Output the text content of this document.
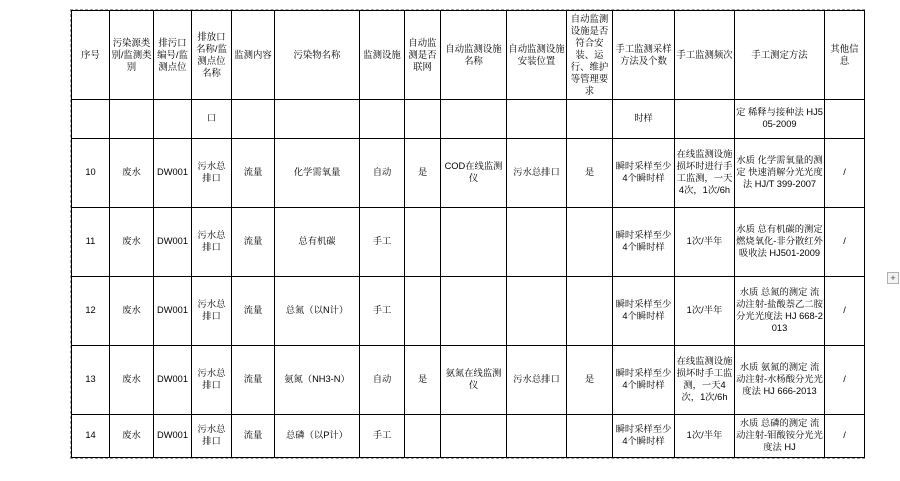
序号	污染源类别/监测类别	排污口编号/监测点位	排放口名称/监测点位名称	监测内容	污染物名称	监测设施	自动监测是否联网	自动监测设施名称	自动监测设施安装位置	自动监测设施是否符合安装、运行、维护等管理要求	手工监测采样方法及个数	手工监测频次	手工测定方法	其他信息
			口								时样		定 稀释与接种法 HJ505-2009	
10	废水	DW001	污水总排口	流量	化学需氧量	自动	是	COD在线监测仪	污水总排口	是	瞬时采样至少4个瞬时样	在线监测设施损坏时进行手工监测，一天4次，1次/6h	水质 化学需氧量的测定 快速消解分光光度法 HJ/T 399-2007	/
11	废水	DW001	污水总排口	流量	总有机碳	手工					瞬时采样至少4个瞬时样	1次/半年	水质 总有机碳的测定 燃烧氧化-非分散红外吸收法 HJ501-2009	/
12	废水	DW001	污水总排口	流量	总氮（以N计）	手工					瞬时采样至少4个瞬时样	1次/半年	水质 总氮的测定 流动注射-盐酸萘乙二胺分光光度法 HJ 668-2013	/
13	废水	DW001	污水总排口	流量	氨氮（NH3-N）	自动	是	氨氮在线监测仪	污水总排口	是	瞬时采样至少4个瞬时样	在线监测设施损坏时手工监测，一天4次，1次/6h	水质 氨氮的测定 流动注射-水杨酸分光光度法 HJ 666-2013	/
14	废水	DW001	污水总排口	流量	总磷（以P计）	手工					瞬时采样至少4个瞬时样	1次/半年	水质 总磷的测定 流动注射-钼酸铵分光光度法 HJ	/
+
